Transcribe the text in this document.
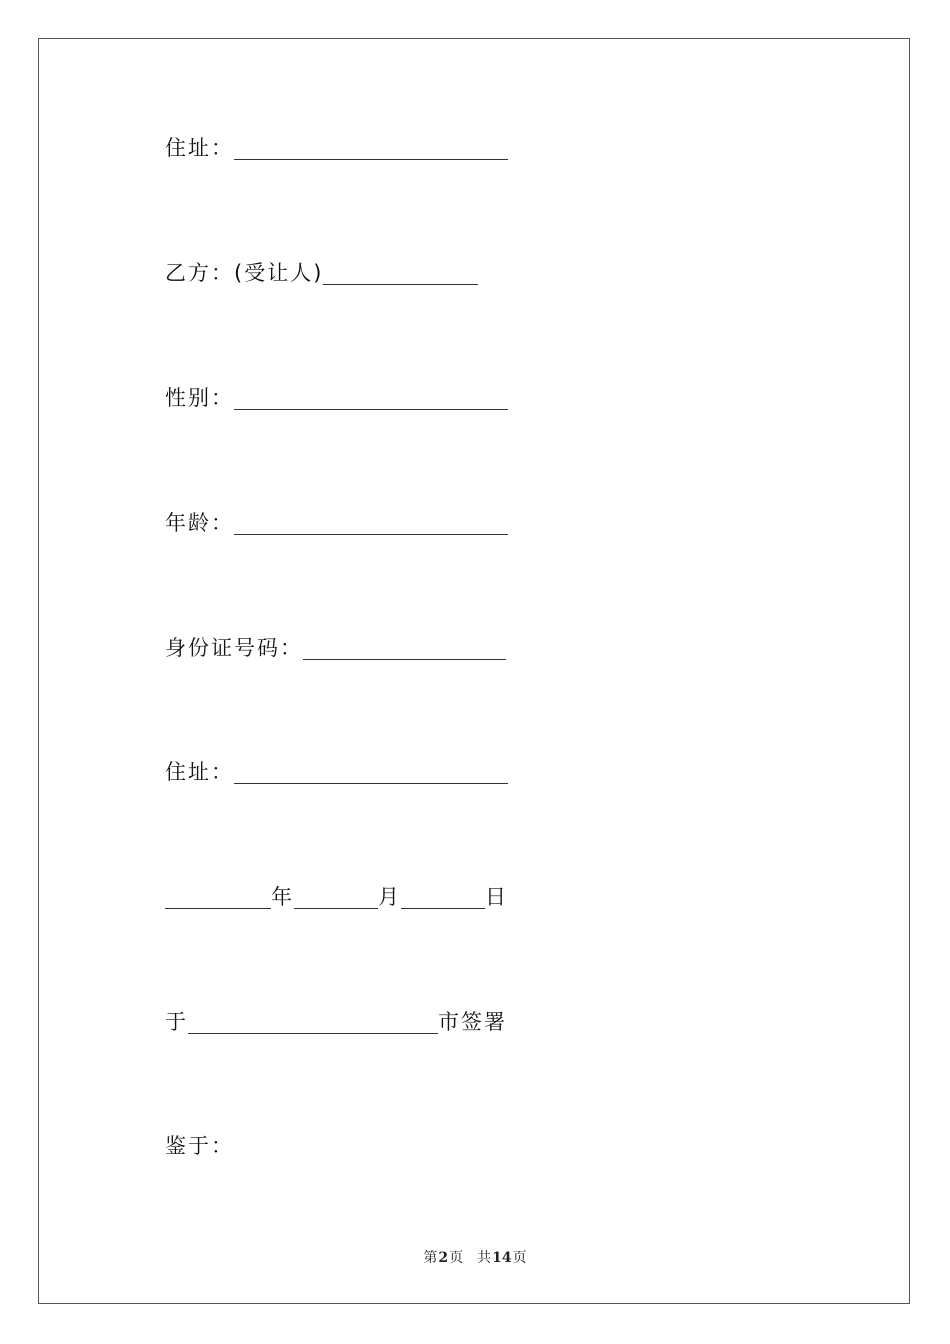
住址：
乙方：(受让人)
性别：
年龄：
身份证号码：
住址：
年	月	日
于	市签署
鉴于：
第2页 共14页
